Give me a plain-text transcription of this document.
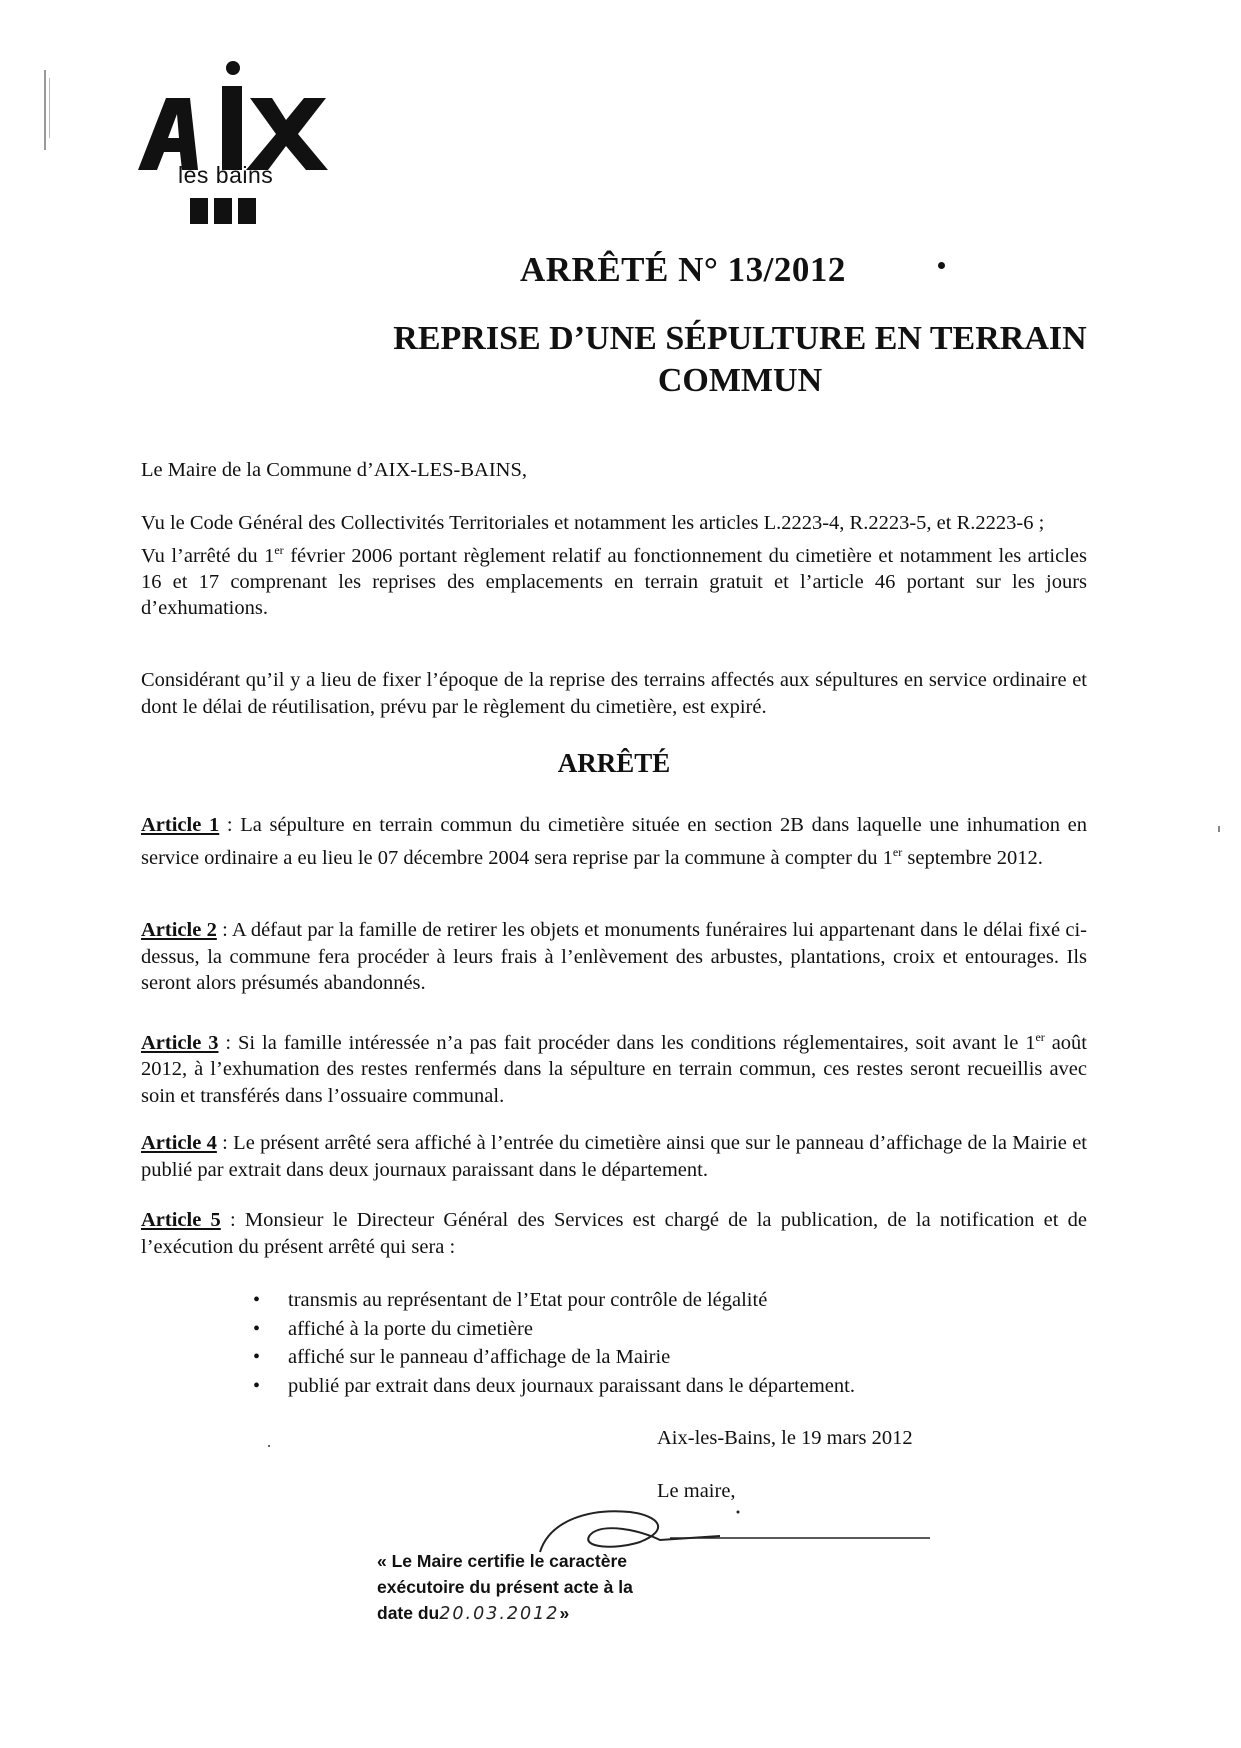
les bains
ARRÊTÉ N° 13/2012
REPRISE D’UNE SÉPULTURE EN TERRAIN
COMMUN
Le Maire de la Commune d’AIX-LES-BAINS,
Vu le Code Général des Collectivités Territoriales et notamment les articles L.2223-4, R.2223-5, et R.2223-6 ;
Vu l’arrêté du 1er février 2006 portant règlement relatif au fonctionnement du cimetière et notamment les articles 16 et 17 comprenant les reprises des emplacements en terrain gratuit et l’article 46 portant sur les jours d’exhumations.
Considérant qu’il y a lieu de fixer l’époque de la reprise des terrains affectés aux sépultures en service ordinaire et dont le délai de réutilisation, prévu par le règlement du cimetière, est expiré.
ARRÊTÉ
Article 1 : La sépulture en terrain commun du cimetière située en section 2B dans laquelle une inhumation en service ordinaire a eu lieu le 07 décembre 2004 sera reprise par la commune à compter du 1er septembre 2012.
Article 2 : A défaut par la famille de retirer les objets et monuments funéraires lui appartenant dans le délai fixé ci-dessus, la commune fera procéder à leurs frais à l’enlèvement des arbustes, plantations, croix et entourages. Ils seront alors présumés abandonnés.
Article 3 : Si la famille intéressée n’a pas fait procéder dans les conditions réglementaires, soit avant le 1er août 2012, à l’exhumation des restes renfermés dans la sépulture en terrain commun, ces restes seront recueillis avec soin et transférés dans l’ossuaire communal.
Article 4 : Le présent arrêté sera affiché à l’entrée du cimetière ainsi que sur le panneau d’affichage de la Mairie et publié par extrait dans deux journaux paraissant dans le département.
Article 5 : Monsieur le Directeur Général des Services est chargé de la publication, de la notification et de l’exécution du présent arrêté qui sera :
• transmis au représentant de l’Etat pour contrôle de légalité
• affiché à la porte du cimetière
• affiché sur le panneau d’affichage de la Mairie
• publié par extrait dans deux journaux paraissant dans le département.
Aix-les-Bains, le 19 mars 2012
Le maire,
« Le Maire certifie le caractère
exécutoire du présent acte à la
date du20.03.2012»
